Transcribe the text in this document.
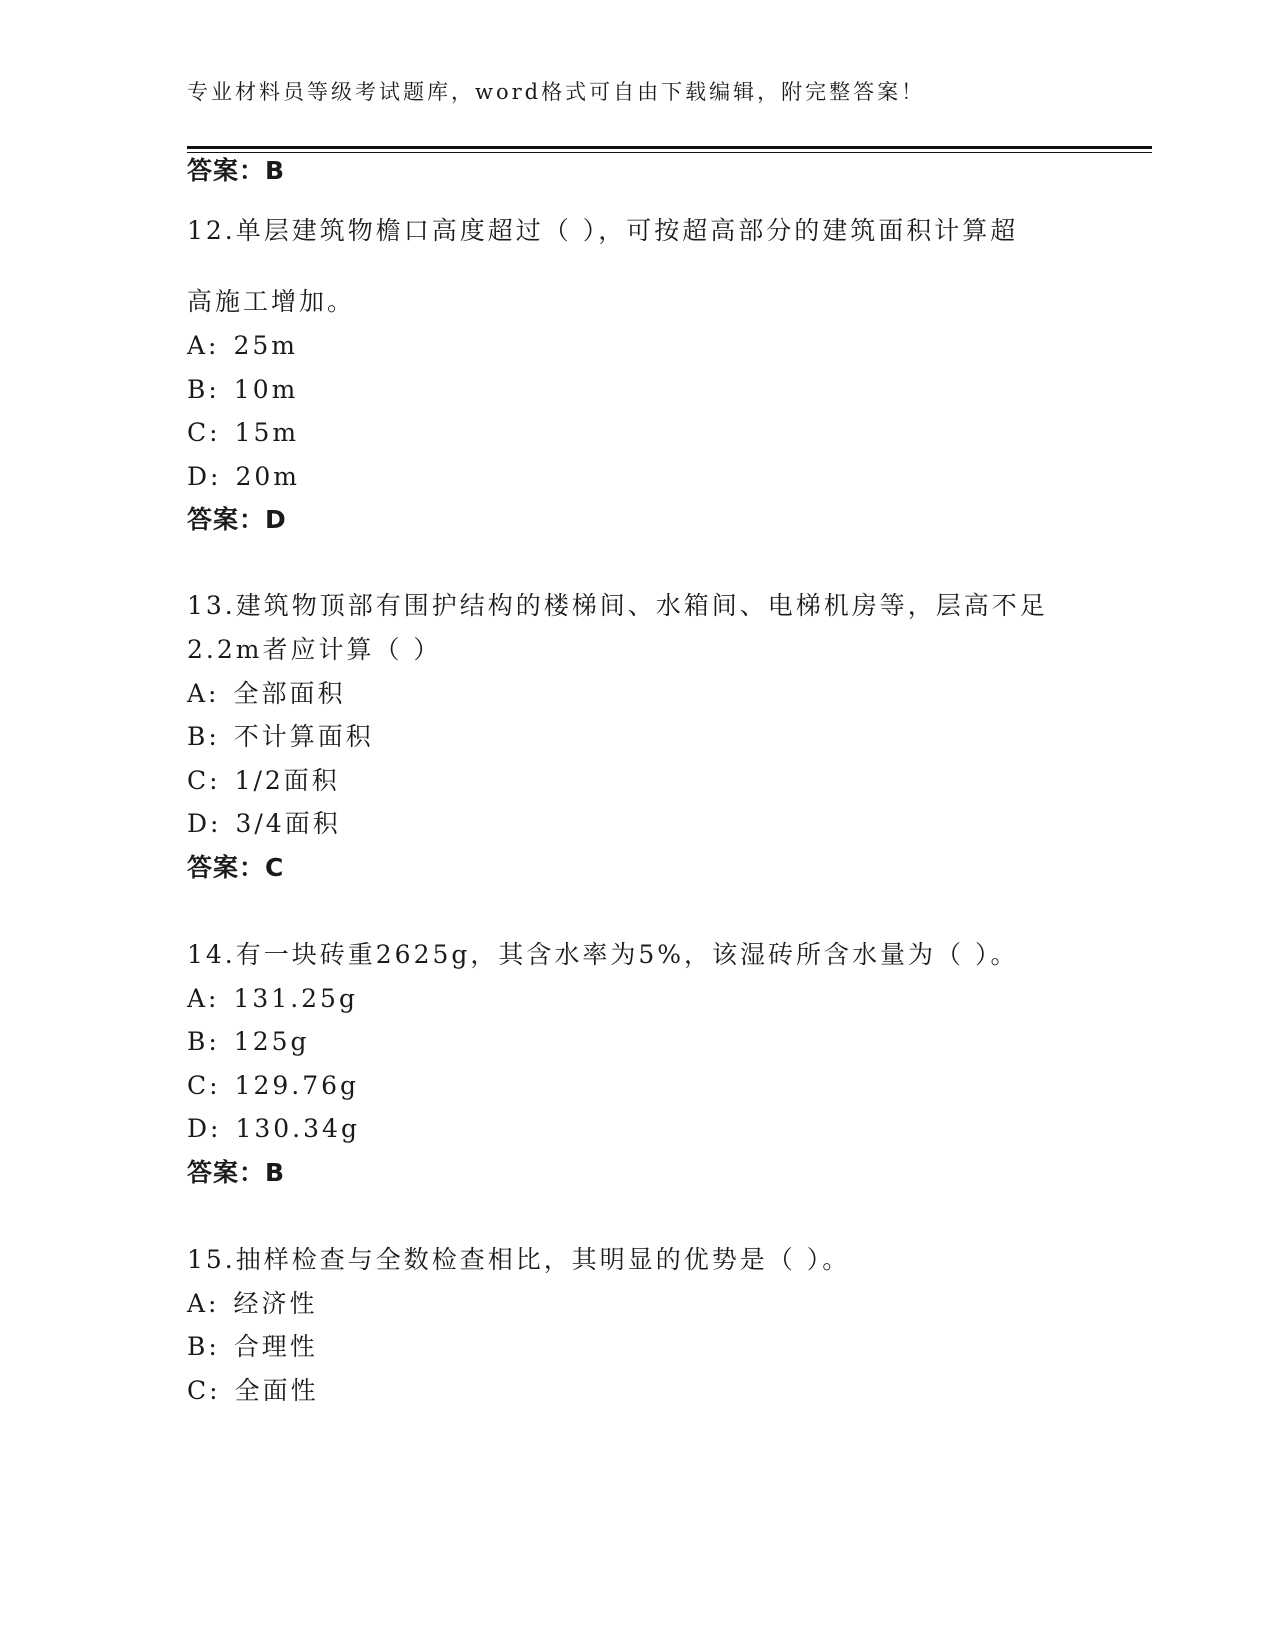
专业材料员等级考试题库，word格式可自由下载编辑，附完整答案！
答案：B
12.单层建筑物檐口高度超过（ ），可按超高部分的建筑面积计算超
高施工增加。
A: 25m
B: 10m
C: 15m
D: 20m
答案：D
13.建筑物顶部有围护结构的楼梯间、水箱间、电梯机房等，层高不足
2.2m者应计算（ ）
A: 全部面积
B: 不计算面积
C: 1/2面积
D: 3/4面积
答案：C
14.有一块砖重2625g，其含水率为5%，该湿砖所含水量为（ ）。
A: 131.25g
B: 125g
C: 129.76g
D: 130.34g
答案：B
15.抽样检查与全数检查相比，其明显的优势是（ ）。
A: 经济性
B: 合理性
C: 全面性
